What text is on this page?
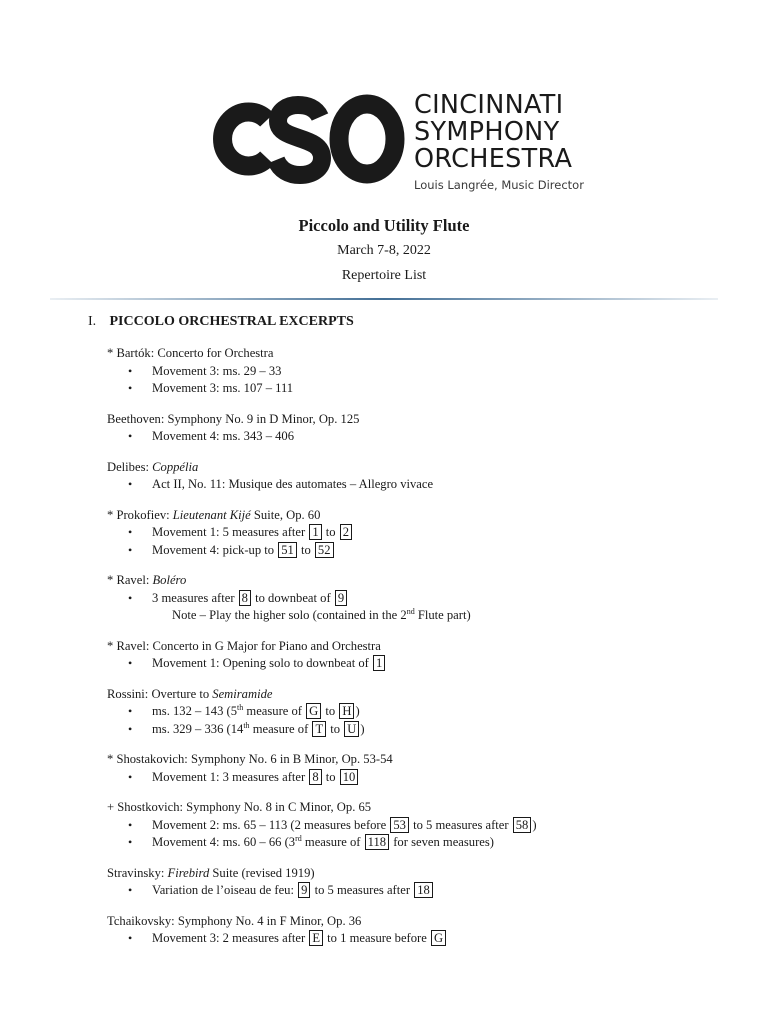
CINCINNATI
SYMPHONY
ORCHESTRA
Louis Langrée, Music Director
Piccolo and Utility Flute
March 7-8, 2022
Repertoire List
I. PICCOLO ORCHESTRAL EXCERPTS
* Bartók: Concerto for Orchestra
• Movement 3: ms. 29 – 33
• Movement 3: ms. 107 – 111
Beethoven: Symphony No. 9 in D Minor, Op. 125
• Movement 4: ms. 343 – 406
Delibes: Coppélia
• Act II, No. 11: Musique des automates – Allegro vivace
* Prokofiev: Lieutenant Kijé Suite, Op. 60
• Movement 1: 5 measures after 1 to 2
• Movement 4: pick-up to 51 to 52
* Ravel: Boléro
• 3 measures after 8 to downbeat of 9
Note – Play the higher solo (contained in the 2nd Flute part)
* Ravel: Concerto in G Major for Piano and Orchestra
• Movement 1: Opening solo to downbeat of 1
Rossini: Overture to Semiramide
• ms. 132 – 143 (5th measure of G to H )
• ms. 329 – 336 (14th measure of T to U )
* Shostakovich: Symphony No. 6 in B Minor, Op. 53-54
• Movement 1: 3 measures after 8 to 10
+ Shostkovich: Symphony No. 8 in C Minor, Op. 65
• Movement 2: ms. 65 – 113 (2 measures before 53 to 5 measures after 58 )
• Movement 4: ms. 60 – 66 (3rd measure of 118 for seven measures)
Stravinsky: Firebird Suite (revised 1919)
• Variation de l’oiseau de feu: 9 to 5 measures after 18
Tchaikovsky: Symphony No. 4 in F Minor, Op. 36
• Movement 3: 2 measures after E to 1 measure before G
